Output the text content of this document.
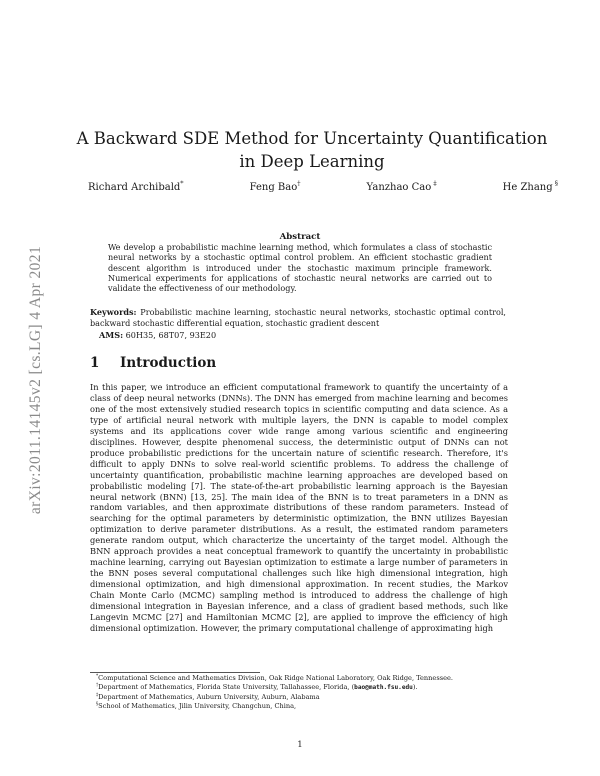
arXiv:2011.14145v2 [cs.LG] 4 Apr 2021
A Backward SDE Method for Uncertainty Quantification in Deep Learning
Richard Archibald*	Feng Bao†	Yanzhao Cao ‡	He Zhang §
Abstract

We develop a probabilistic machine learning method, which formulates a class of stochastic neural networks by a stochastic optimal control problem. An efficient stochastic gradient descent algorithm is introduced under the stochastic maximum principle framework. Numerical experiments for applications of stochastic neural networks are carried out to validate the effectiveness of our methodology.

Keywords: Probabilistic machine learning, stochastic neural networks, stochastic optimal control, backward stochastic differential equation, stochastic gradient descent

AMS: 60H35, 68T07, 93E20

1 Introduction

In this paper, we introduce an efficient computational framework to quantify the uncertainty of a class of deep neural networks (DNNs). The DNN has emerged from machine learning and becomes one of the most extensively studied research topics in scientific computing and data science. As a type of artificial neural network with multiple layers, the DNN is capable to model complex systems and its applications cover wide range among various scientific and engineering disciplines. However, despite phenomenal success, the deterministic output of DNNs can not produce probabilistic predictions for the uncertain nature of scientific research. Therefore, it's difficult to apply DNNs to solve real-world scientific problems. To address the challenge of uncertainty quantification, probabilistic machine learning approaches are developed based on probabilistic modeling [7]. The state-of-the-art probabilistic learning approach is the Bayesian neural network (BNN) [13, 25]. The main idea of the BNN is to treat parameters in a DNN as random variables, and then approximate distributions of these random parameters. Instead of searching for the optimal parameters by deterministic optimization, the BNN utilizes Bayesian optimization to derive parameter distributions. As a result, the estimated random parameters generate random output, which characterize the uncertainty of the target model. Although the BNN approach provides a neat conceptual framework to quantify the uncertainty in probabilistic machine learning, carrying out Bayesian optimization to estimate a large number of parameters in the BNN poses several computational challenges such like high dimensional integration, high dimensional optimization, and high dimensional approximation. In recent studies, the Markov Chain Monte Carlo (MCMC) sampling method is introduced to address the challenge of high dimensional integration in Bayesian inference, and a class of gradient based methods, such like Langevin MCMC [27] and Hamiltonian MCMC [2], are applied to improve the efficiency of high dimensional optimization. However, the primary computational challenge of approximating high

*Computational Science and Mathematics Division, Oak Ridge National Laboratory, Oak Ridge, Tennessee.
†Department of Mathematics, Florida State University, Tallahassee, Florida, (bao@math.fsu.edu).
‡Department of Mathematics, Auburn University, Auburn, Alabama
§School of Mathematics, Jilin University, Changchun, China,
1
